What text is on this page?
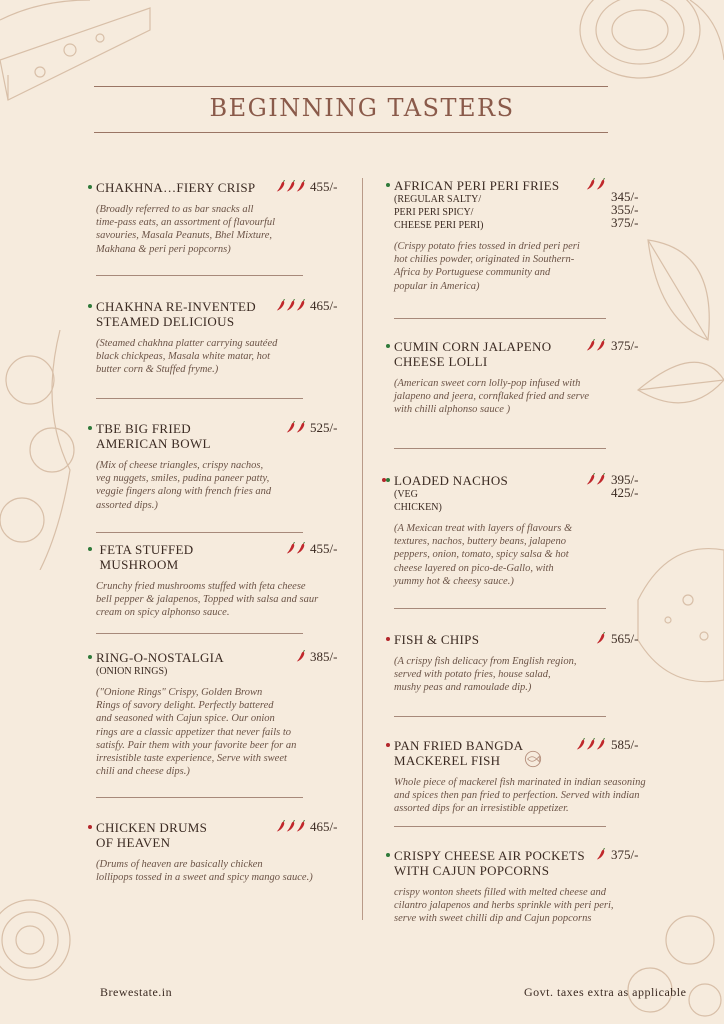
BEGINNING TASTERS
CHAKHNA…FIERY CRISP
(Broadly referred to as bar snacks all
time-pass eats, an assortment of flavourful
savouries, Masala Peanuts, Bhel Mixture,
Makhana & peri peri popcorns)
455/-
CHAKHNA RE-INVENTED
STEAMED DELICIOUS
(Steamed chakhna platter carrying sautéed
black chickpeas, Masala white matar, hot
butter corn & Stuffed fryme.)
465/-
TBE BIG FRIED
AMERICAN BOWL
(Mix of cheese triangles, crispy nachos,
veg nuggets, smiles, pudina paneer patty,
veggie fingers along with french fries and
assorted dips.)
525/-
FETA STUFFED
MUSHROOM
Crunchy fried mushrooms stuffed with feta cheese
bell pepper & jalapenos, Topped with salsa and saur
cream on spicy alphonso sauce.
455/-
RING-O-NOSTALGIA
(ONION RINGS)
("Onione Rings" Crispy, Golden Brown
Rings of savory delight. Perfectly battered
and seasoned with Cajun spice. Our onion
rings are a classic appetizer that never fails to
satisfy. Pair them with your favorite beer for an
irresistible taste experience, Serve with sweet
chili and cheese dips.)
385/-
CHICKEN DRUMS
OF HEAVEN
(Drums of heaven are basically chicken
lollipops tossed in a sweet and spicy mango sauce.)
465/-
AFRICAN PERI PERI FRIES
(REGULAR SALTY/
PERI PERI SPICY/
CHEESE PERI PERI)
(Crispy potato fries tossed in dried peri peri
hot chilies powder, originated in Southern-
Africa by Portuguese community and
popular in America)
345/-
355/-
375/-
CUMIN CORN JALAPENO
CHEESE LOLLI
(American sweet corn lolly-pop infused with
jalapeno and jeera, cornflaked fried and serve
with chilli alphonso sauce )
375/-
LOADED NACHOS
(VEG
CHICKEN)
(A Mexican treat with layers of flavours &
textures, nachos, buttery beans, jalapeno
peppers, onion, tomato, spicy salsa & hot
cheese layered on pico-de-Gallo, with
yummy hot & cheesy sauce.)
395/-
425/-
FISH & CHIPS
(A crispy fish delicacy from English region,
served with potato fries, house salad,
mushy peas and ramoulade dip.)
565/-
PAN FRIED BANGDA
MACKEREL FISH
Whole piece of mackerel fish marinated in indian seasoning
and spices then pan fried to perfection. Served with indian
assorted dips for an irresistible appetizer.
585/-
CRISPY CHEESE AIR POCKETS
WITH CAJUN POPCORNS
crispy wonton sheets filled with melted cheese and
cilantro jalapenos and herbs sprinkle with peri peri,
serve with sweet chilli dip and Cajun popcorns
375/-
Brewestate.in	Govt. taxes extra as applicable
